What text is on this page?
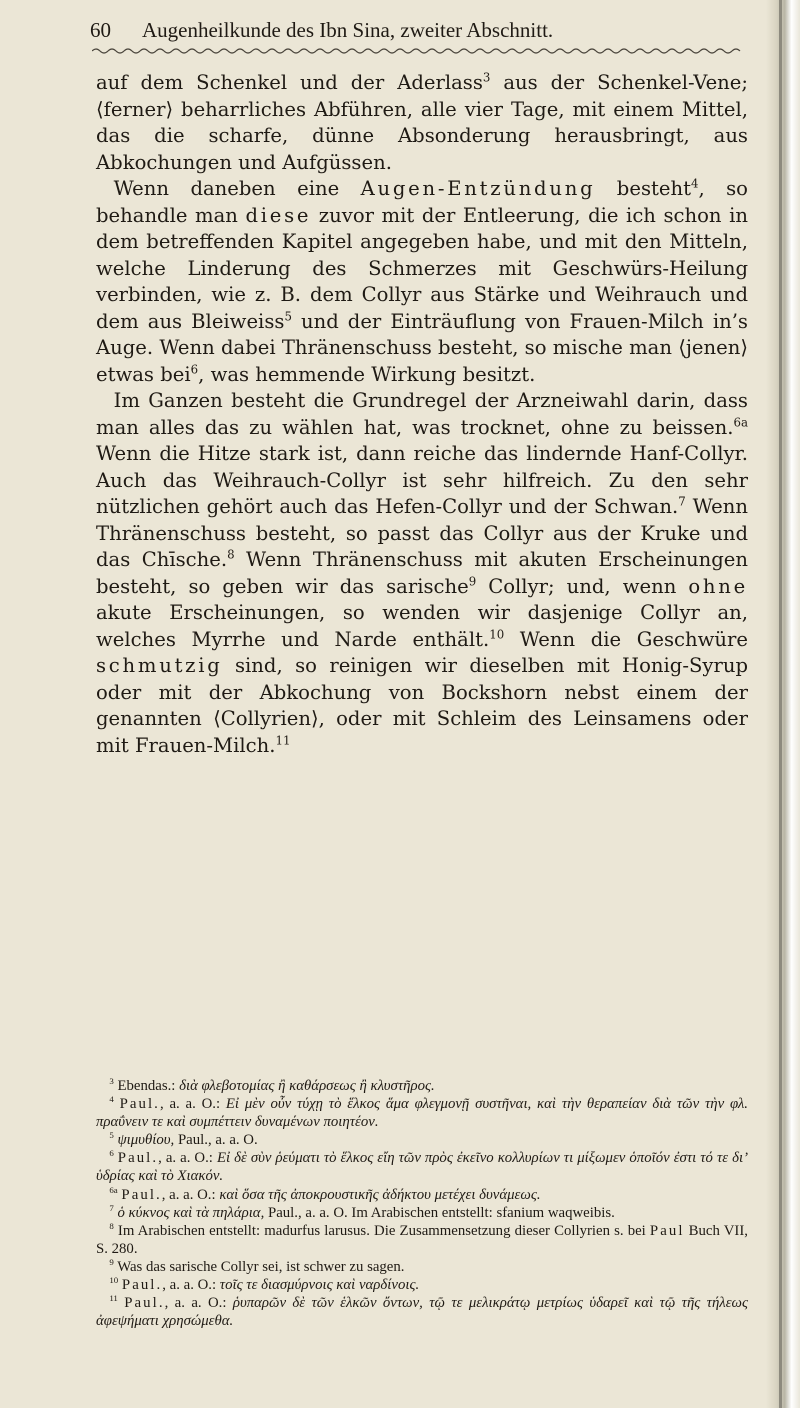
60 Augenheilkunde des Ibn Sina, zweiter Abschnitt.

auf dem Schenkel und der Aderlass$^3$ aus der Schenkel-Vene; ⟨ferner⟩ beharrliches Abführen, alle vier Tage, mit einem Mittel, das die scharfe, dünne Absonderung herausbringt, aus Abkochungen und Aufgüssen.

Wenn daneben eine Augen-Entzündung besteht$^4$, so behandle man diese zuvor mit der Entleerung, die ich schon in dem betreffenden Kapitel angegeben habe, und mit den Mitteln, welche Linderung des Schmerzes mit Geschwürs-Heilung verbinden, wie z. B. dem Collyr aus Stärke und Weihrauch und dem aus Bleiweiss$^5$ und der Einträuflung von Frauen-Milch in’s Auge. Wenn dabei Thränenschuss besteht, so mische man ⟨jenen⟩ etwas bei$^6$, was hemmende Wirkung besitzt.

Im Ganzen besteht die Grundregel der Arzneiwahl darin, dass man alles das zu wählen hat, was trocknet, ohne zu beissen.$^{6a}$ Wenn die Hitze stark ist, dann reiche das lindernde Hanf-Collyr. Auch das Weihrauch-Collyr ist sehr hilfreich. Zu den sehr nützlichen gehört auch das Hefen-Collyr und der Schwan.$^7$ Wenn Thränenschuss besteht, so passt das Collyr aus der Kruke und das Chīsche.$^8$ Wenn Thränenschuss mit akuten Erscheinungen besteht, so geben wir das sarische$^9$ Collyr; und, wenn ohne akute Erscheinungen, so wenden wir dasjenige Collyr an, welches Myrrhe und Narde enthält.$^{10}$ Wenn die Geschwüre schmutzig sind, so reinigen wir dieselben mit Honig-Syrup oder mit der Abkochung von Bockshorn nebst einem der genannten ⟨Collyrien⟩, oder mit Schleim des Leinsamens oder mit Frauen-Milch.$^{11}$

$^3$ Ebendas.: διὰ φλεβοτομίας ἢ καθάρσεως ἢ κλυστῆρος.

$^4$ Paul., a. a. O.: Εἰ μὲν οὖν τύχῃ τὸ ἕλκος ἅμα φλεγμονῇ συστῆναι, καὶ τὴν θεραπείαν διὰ τῶν τὴν φλ. πραΰνειν τε καὶ συμπέττειν δυναμένων ποιητέον.

$^5$ ψιμυθίου, Paul., a. a. O.

$^6$ Paul., a. a. O.: Εἰ δὲ σὺν ῥεύματι τὸ ἕλκος εἴη τῶν πρὸς ἐκεῖνο κολλυρίων τι μίξωμεν ὁποῖόν ἐστι τό τε δι’ ὑδρίας καὶ τὸ Χιακόν.

$^{6a}$ Paul., a. a. O.: καὶ ὅσα τῆς ἀποκρουστικῆς ἀδήκτου μετέχει δυνάμεως.

$^7$ ὁ κύκνος καὶ τὰ πηλάρια, Paul., a. a. O. Im Arabischen entstellt: sfanium waqweibis.

$^8$ Im Arabischen entstellt: madurfus larusus. Die Zusammensetzung dieser Collyrien s. bei Paul Buch VII, S. 280.

$^9$ Was das sarische Collyr sei, ist schwer zu sagen.

$^{10}$ Paul., a. a. O.: τοῖς τε διασμύρνοις καὶ ναρδίνοις.

$^{11}$ Paul., a. a. O.: ῥυπαρῶν δὲ τῶν ἑλκῶν ὄντων, τῷ τε μελικράτῳ μετρίως ὑδαρεῖ καὶ τῷ τῆς τήλεως ἀφεψήματι χρησώμεθα.
